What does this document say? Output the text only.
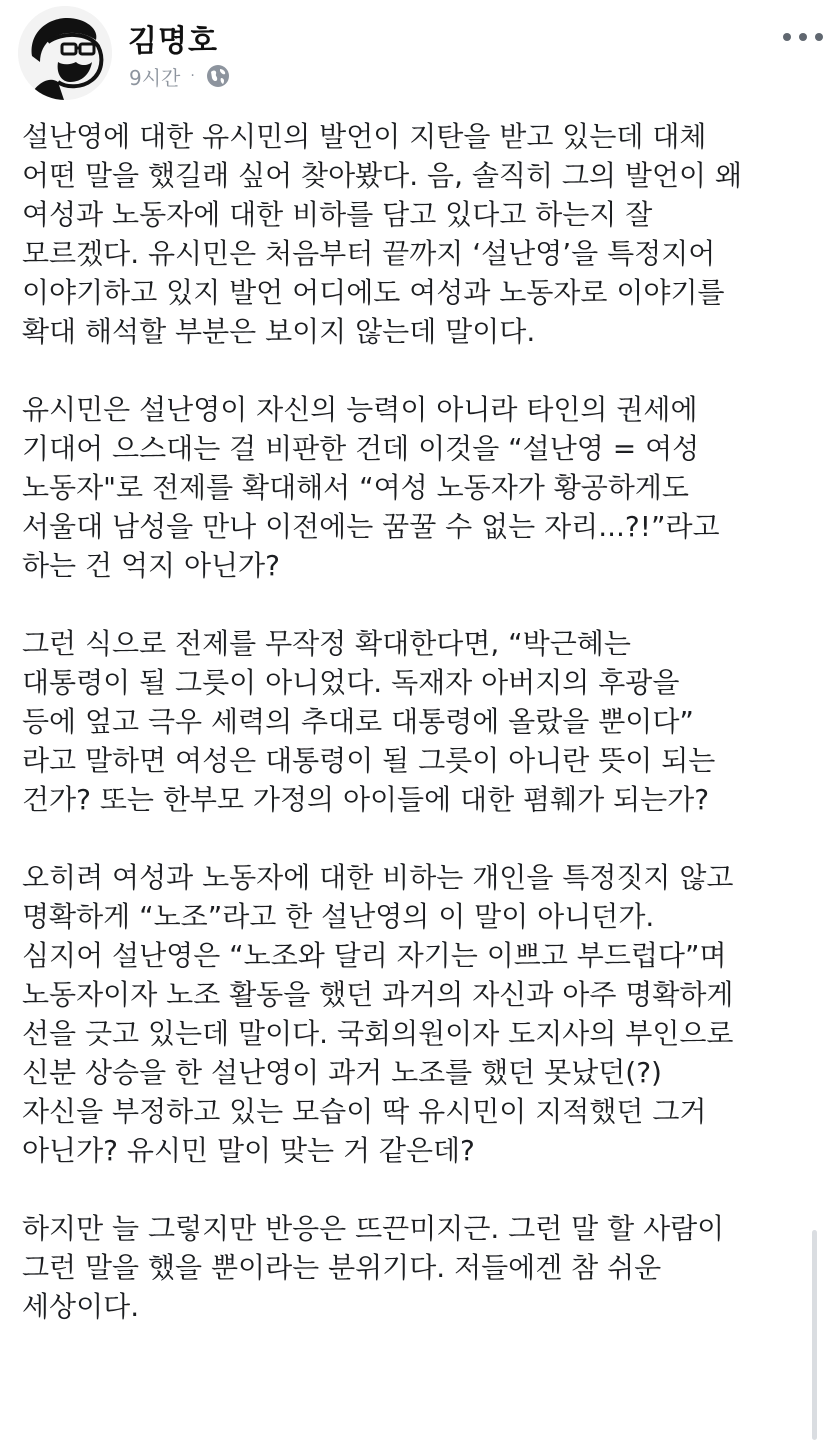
김명호
9시간 ·
설난영에 대한 유시민의 발언이 지탄을 받고 있는데 대체
어떤 말을 했길래 싶어 찾아봤다. 음, 솔직히 그의 발언이 왜
여성과 노동자에 대한 비하를 담고 있다고 하는지 잘
모르겠다. 유시민은 처음부터 끝까지 ‘설난영’을 특정지어
이야기하고 있지 발언 어디에도 여성과 노동자로 이야기를
확대 해석할 부분은 보이지 않는데 말이다.
유시민은 설난영이 자신의 능력이 아니라 타인의 권세에
기대어 으스대는 걸 비판한 건데 이것을 “설난영 = 여성
노동자"로 전제를 확대해서 “여성 노동자가 황공하게도
서울대 남성을 만나 이전에는 꿈꿀 수 없는 자리...?!”라고
하는 건 억지 아닌가?
그런 식으로 전제를 무작정 확대한다면, “박근혜는
대통령이 될 그릇이 아니었다. 독재자 아버지의 후광을
등에 엎고 극우 세력의 추대로 대통령에 올랐을 뿐이다”
라고 말하면 여성은 대통령이 될 그릇이 아니란 뜻이 되는
건가? 또는 한부모 가정의 아이들에 대한 폄훼가 되는가?
오히려 여성과 노동자에 대한 비하는 개인을 특정짓지 않고
명확하게 “노조”라고 한 설난영의 이 말이 아니던가.
심지어 설난영은 “노조와 달리 자기는 이쁘고 부드럽다”며
노동자이자 노조 활동을 했던 과거의 자신과 아주 명확하게
선을 긋고 있는데 말이다. 국회의원이자 도지사의 부인으로
신분 상승을 한 설난영이 과거 노조를 했던 못났던(?)
자신을 부정하고 있는 모습이 딱 유시민이 지적했던 그거
아닌가? 유시민 말이 맞는 거 같은데?
하지만 늘 그렇지만 반응은 뜨끈미지근. 그런 말 할 사람이
그런 말을 했을 뿐이라는 분위기다. 저들에겐 참 쉬운
세상이다.
